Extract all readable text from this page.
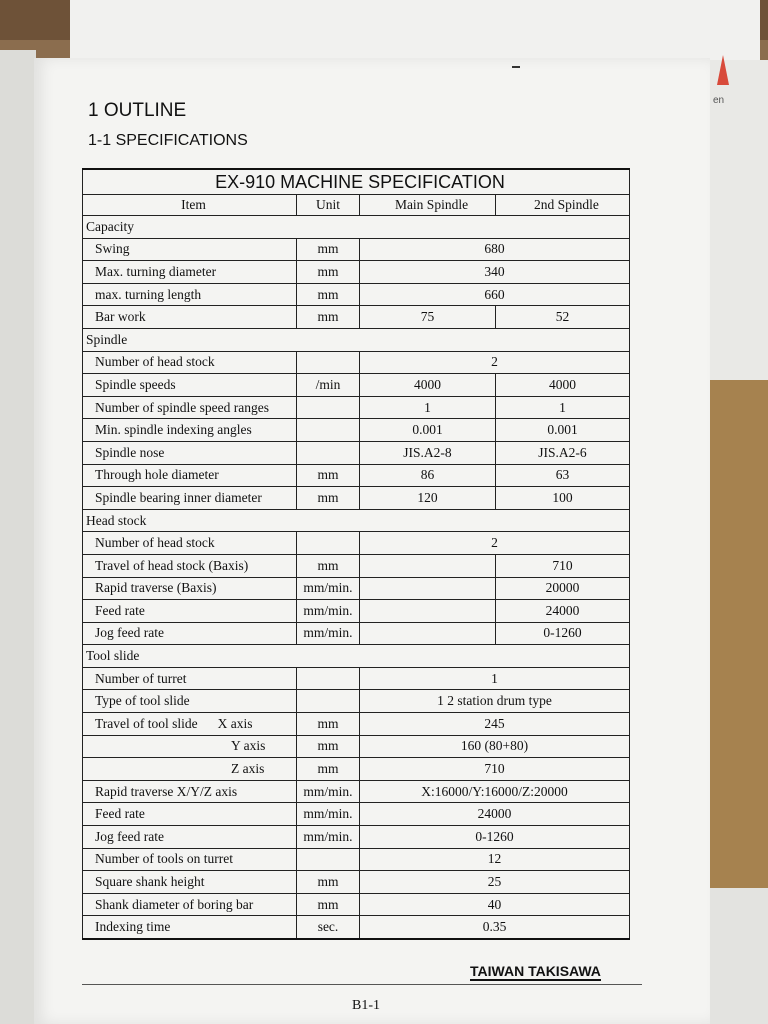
en
1 OUTLINE
1-1 SPECIFICATIONS
EX-910 MACHINE SPECIFICATION			
Item	Unit	Main Spindle	2nd Spindle
Capacity			
Swing	mm	680	
Max. turning diameter	mm	340	
max. turning length	mm	660	
Bar work	mm	75	52
Spindle			
Number of head stock		2	
Spindle speeds	/min	4000	4000
Number of spindle speed ranges		1	1
Min. spindle indexing angles		0.001	0.001
Spindle nose		JIS.A2-8	JIS.A2-6
Through hole diameter	mm	86	63
Spindle bearing inner diameter	mm	120	100
Head stock			
Number of head stock		2	
Travel of head stock (Baxis)	mm		710
Rapid traverse (Baxis)	mm/min.		20000
Feed rate	mm/min.		24000
Jog feed rate	mm/min.		0-1260
Tool slide			
Number of turret		1	
Type of tool slide		1 2 station drum type	
Travel of tool slide X axis	mm	245	
Y axis	mm	160 (80+80)	
Z axis	mm	710	
Rapid traverse X/Y/Z axis	mm/min.	X:16000/Y:16000/Z:20000	
Feed rate	mm/min.	24000	
Jog feed rate	mm/min.	0-1260	
Number of tools on turret		12	
Square shank height	mm	25	
Shank diameter of boring bar	mm	40	
Indexing time	sec.	0.35	
TAIWAN TAKISAWA
B1-1
